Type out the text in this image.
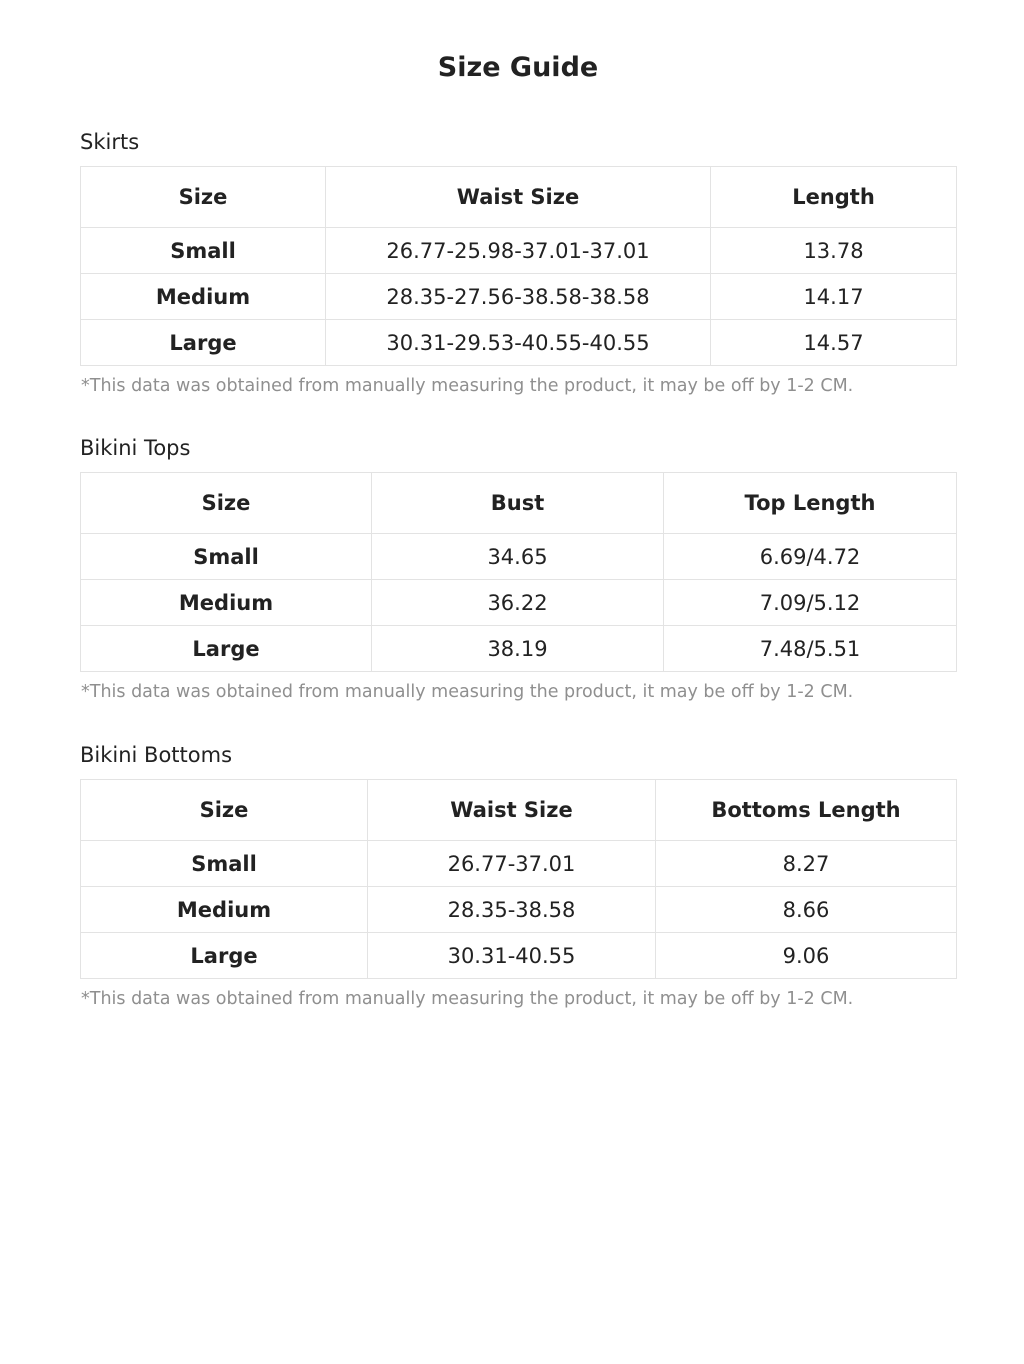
Size Guide
Skirts
Size	Waist Size	Length
Small	26.77-25.98-37.01-37.01	13.78
Medium	28.35-27.56-38.58-38.58	14.17
Large	30.31-29.53-40.55-40.55	14.57
*This data was obtained from manually measuring the product, it may be off by 1-2 CM.
Bikini Tops
Size	Bust	Top Length
Small	34.65	6.69/4.72
Medium	36.22	7.09/5.12
Large	38.19	7.48/5.51
*This data was obtained from manually measuring the product, it may be off by 1-2 CM.
Bikini Bottoms
Size	Waist Size	Bottoms Length
Small	26.77-37.01	8.27
Medium	28.35-38.58	8.66
Large	30.31-40.55	9.06
*This data was obtained from manually measuring the product, it may be off by 1-2 CM.
